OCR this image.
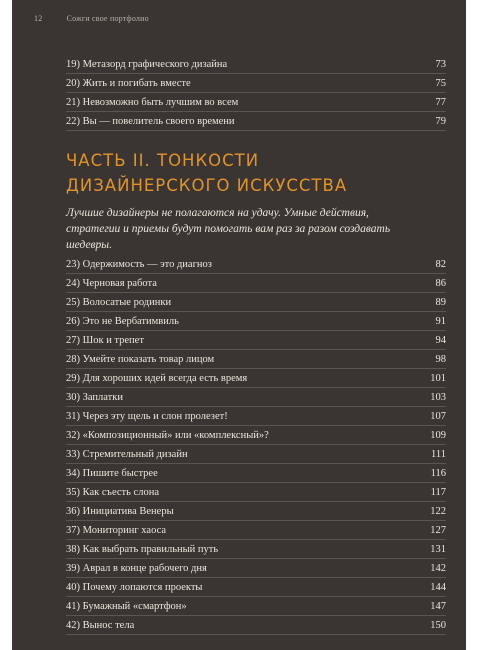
12	Сожги свое портфолио
19) Метазорд графического дизайна	73
20) Жить и погибать вместе	75
21) Невозможно быть лучшим во всем	77
22) Вы — повелитель своего времени	79
ЧАСТЬ II. ТОНКОСТИ ДИЗАЙНЕРСКОГО ИСКУССТВА

Лучшие дизайнеры не полагаются на удачу. Умные действия, стратегии и приемы будут помогать вам раз за разом создавать шедевры.

23) Одержимость — это диагноз	82
24) Черновая работа	86
25) Волосатые родинки	89
26) Это не Вербатимвиль	91
27) Шок и трепет	94
28) Умейте показать товар лицом	98
29) Для хороших идей всегда есть время	101
30) Заплатки	103
31) Через эту щель и слон пролезет!	107
32) «Композиционный» или «комплексный»?	109
33) Стремительный дизайн	111
34) Пишите быстрее	116
35) Как съесть слона	117
36) Инициатива Венеры	122
37) Мониторинг хаоса	127
38) Как выбрать правильный путь	131
39) Аврал в конце рабочего дня	142
40) Почему лопаются проекты	144
41) Бумажный «смартфон»	147
42) Вынос тела	150
